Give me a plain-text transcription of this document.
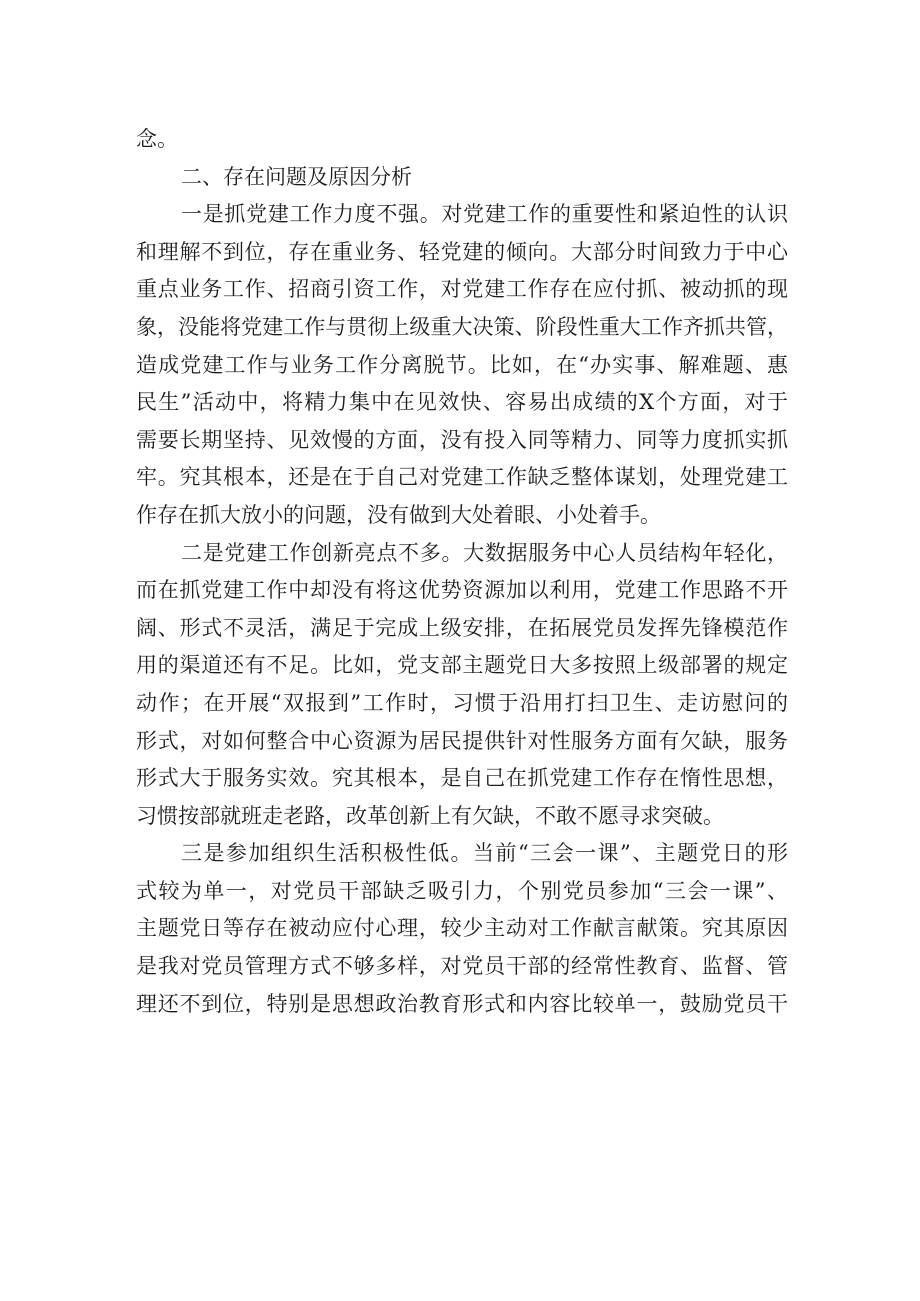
念。
二、存在问题及原因分析
一是抓党建工作力度不强。对党建工作的重要性和紧迫性的认识
和理解不到位，存在重业务、轻党建的倾向。大部分时间致力于中心
重点业务工作、招商引资工作，对党建工作存在应付抓、被动抓的现
象，没能将党建工作与贯彻上级重大决策、阶段性重大工作齐抓共管，
造成党建工作与业务工作分离脱节。比如，在“办实事、解难题、惠
民生”活动中，将精力集中在见效快、容易出成绩的X个方面，对于
需要长期坚持、见效慢的方面，没有投入同等精力、同等力度抓实抓
牢。究其根本，还是在于自己对党建工作缺乏整体谋划，处理党建工
作存在抓大放小的问题，没有做到大处着眼、小处着手。
二是党建工作创新亮点不多。大数据服务中心人员结构年轻化，
而在抓党建工作中却没有将这优势资源加以利用，党建工作思路不开
阔、形式不灵活，满足于完成上级安排，在拓展党员发挥先锋模范作
用的渠道还有不足。比如，党支部主题党日大多按照上级部署的规定
动作；在开展“双报到”工作时，习惯于沿用打扫卫生、走访慰问的
形式，对如何整合中心资源为居民提供针对性服务方面有欠缺，服务
形式大于服务实效。究其根本，是自己在抓党建工作存在惰性思想，
习惯按部就班走老路，改革创新上有欠缺，不敢不愿寻求突破。
三是参加组织生活积极性低。当前“三会一课”、主题党日的形
式较为单一，对党员干部缺乏吸引力，个别党员参加“三会一课”、
主题党日等存在被动应付心理，较少主动对工作献言献策。究其原因
是我对党员管理方式不够多样，对党员干部的经常性教育、监督、管
理还不到位，特别是思想政治教育形式和内容比较单一，鼓励党员干
